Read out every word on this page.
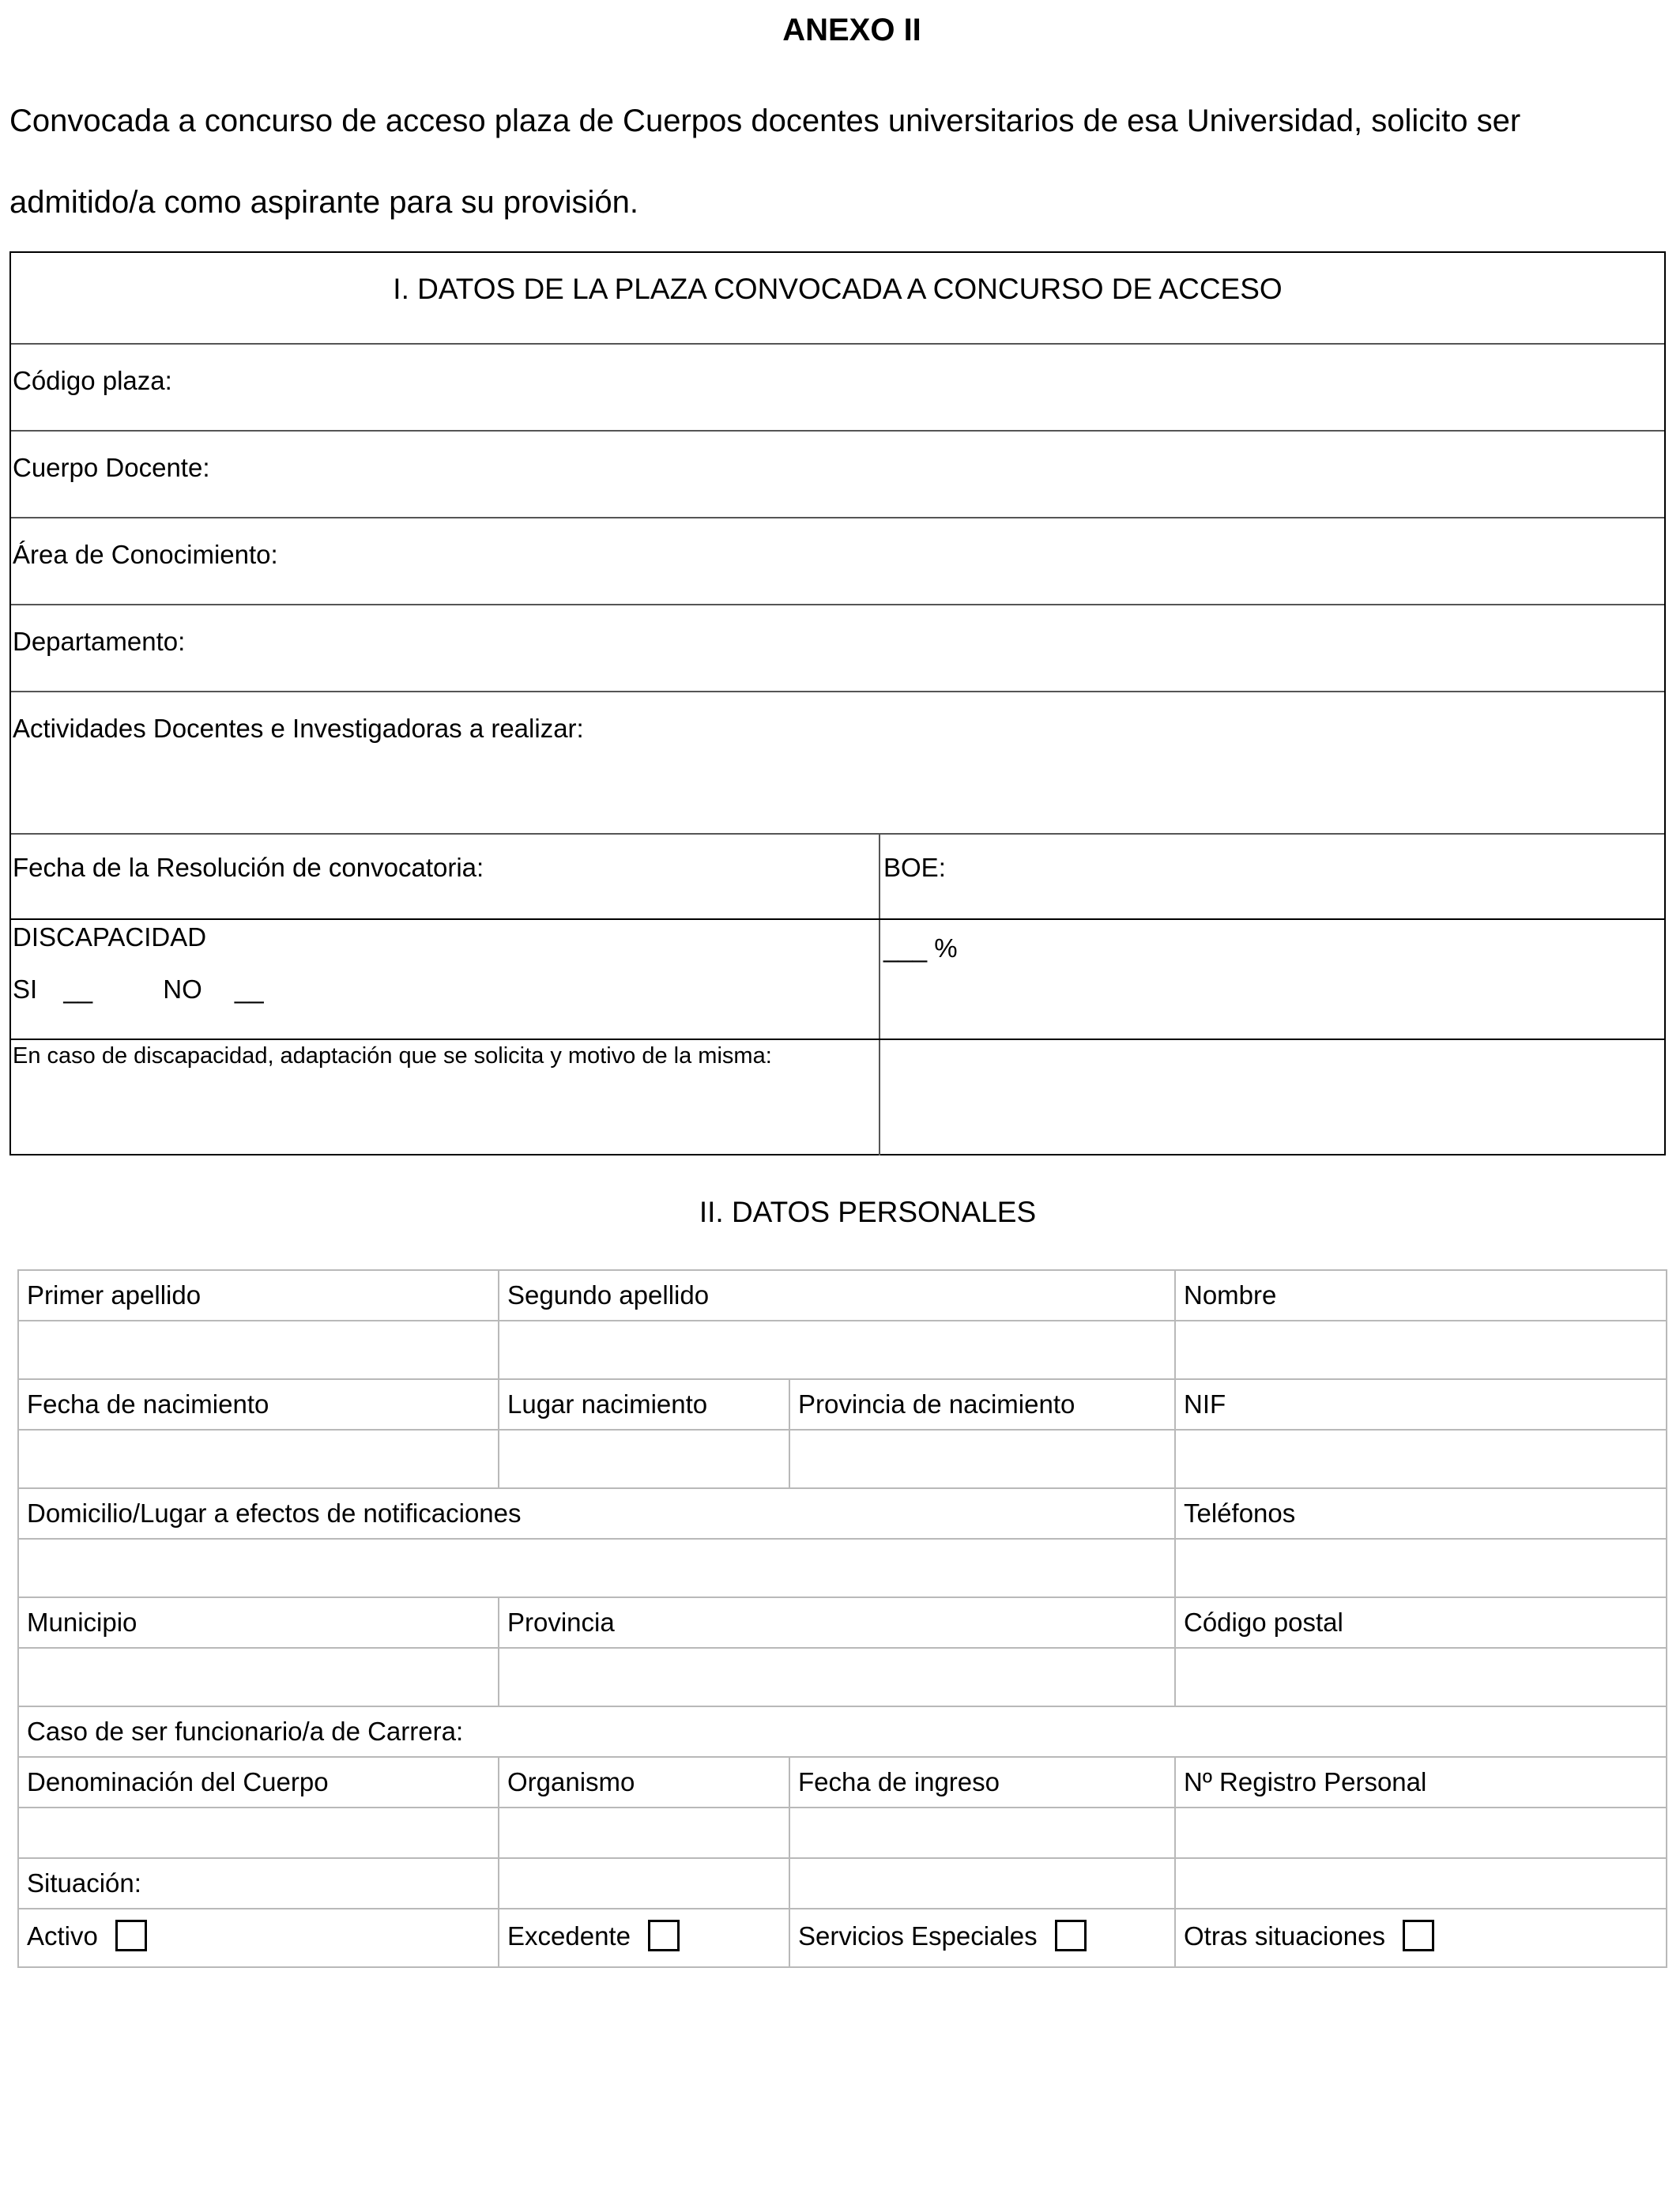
ANEXO II
Convocada a concurso de acceso plaza de Cuerpos docentes universitarios de esa Universidad, solicito ser admitido/a como aspirante para su provisión.
I. DATOS DE LA PLAZA CONVOCADA A CONCURSO DE ACCESO
Código plaza:
Cuerpo Docente:
Área de Conocimiento:
Departamento:
Actividades Docentes e Investigadoras a realizar:
Fecha de la Resolución de convocatoria:	BOE:
DISCAPACIDAD
SI __	NO __
___ %
En caso de discapacidad, adaptación que se solicita y motivo de la misma:
II. DATOS PERSONALES
Primer apellido	Segundo apellido		Nombre

Fecha de nacimiento	Lugar nacimiento	Provincia de nacimiento	NIF

Domicilio/Lugar a efectos de notificaciones			Teléfonos

Municipio	Provincia		Código postal

Caso de ser funcionario/a de Carrera:			
Denominación del Cuerpo	Organismo	Fecha de ingreso	Nº Registro Personal

Situación:			
Activo	Excedente	Servicios Especiales	Otras situaciones
